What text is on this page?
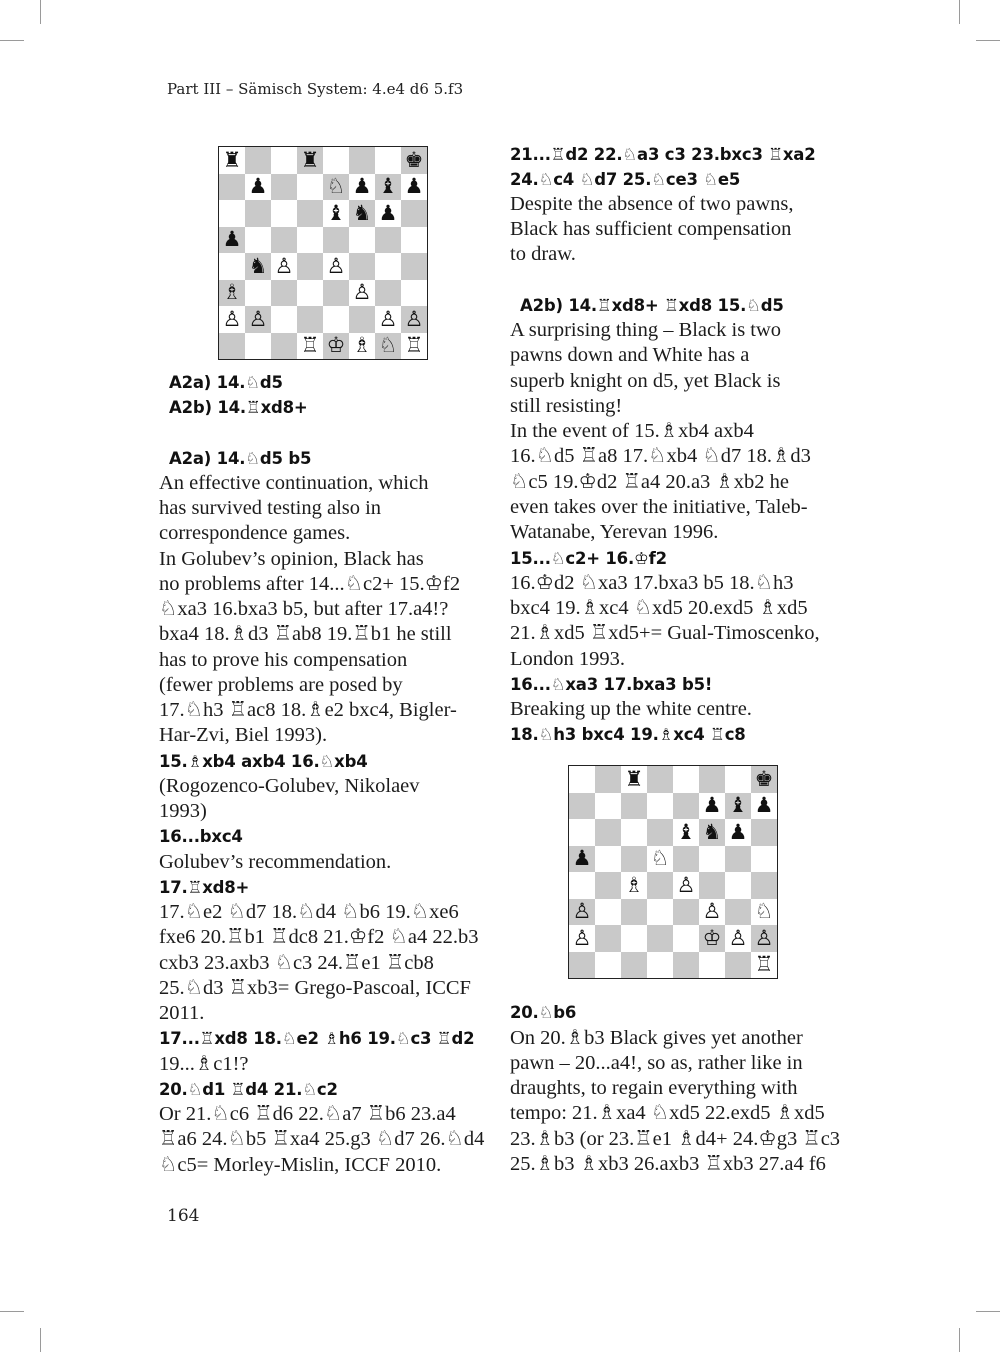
Part III – Sämisch System: 4.e4 d6 5.f3
♜	♜	♚
♟	♘ ♟ ♝ ♟
♝ ♞ ♟
♟
♞ ♙ ♙
♗	♙
♙ ♙	♙ ♙
♖ ♔ ♗ ♘ ♖
A2a) 14.♘d5
A2b) 14.♖xd8+
A2a) 14.♘d5 b5
An effective continuation, which
has survived testing also in
correspondence games.
In Golubev’s opinion, Black has
no problems after 14...♘c2+ 15.♔f2
♘xa3 16.bxa3 b5, but after 17.a4!?
bxa4 18.♗d3 ♖ab8 19.♖b1 he still
has to prove his compensation
(fewer problems are posed by
17.♘h3 ♖ac8 18.♗e2 bxc4, Bigler-
Har-Zvi, Biel 1993).
15.♗xb4 axb4 16.♘xb4
(Rogozenco-Golubev, Nikolaev
1993)
16...bxc4
Golubev’s recommendation.
17.♖xd8+
17.♘e2 ♘d7 18.♘d4 ♘b6 19.♘xe6
fxe6 20.♖b1 ♖dc8 21.♔f2 ♘a4 22.b3
cxb3 23.axb3 ♘c3 24.♖e1 ♖cb8
25.♘d3 ♖xb3= Grego-Pascoal, ICCF
2011.
17...♖xd8 18.♘e2 ♗h6 19.♘c3 ♖d2
19...♗c1!?
20.♘d1 ♖d4 21.♘c2
Or 21.♘c6 ♖d6 22.♘a7 ♖b6 23.a4
♖a6 24.♘b5 ♖xa4 25.g3 ♘d7 26.♘d4
♘c5= Morley-Mislin, ICCF 2010.
21...♖d2 22.♘a3 c3 23.bxc3 ♖xa2
24.♘c4 ♘d7 25.♘ce3 ♘e5
Despite the absence of two pawns,
Black has sufficient compensation
to draw.
A2b) 14.♖xd8+ ♖xd8 15.♘d5
A surprising thing – Black is two
pawns down and White has a
superb knight on d5, yet Black is
still resisting!
In the event of 15.♗xb4 axb4
16.♘d5 ♖a8 17.♘xb4 ♘d7 18.♗d3
♘c5 19.♔d2 ♖a4 20.a3 ♗xb2 he
even takes over the initiative, Taleb-
Watanabe, Yerevan 1996.
15...♘c2+ 16.♔f2
16.♔d2 ♘xa3 17.bxa3 b5 18.♘h3
bxc4 19.♗xc4 ♘xd5 20.exd5 ♗xd5
21.♗xd5 ♖xd5+= Gual-Timoscenko,
London 1993.
16...♘xa3 17.bxa3 b5!
Breaking up the white centre.
18.♘h3 bxc4 19.♗xc4 ♖c8
♜	♚
♟ ♝ ♟
♝ ♞ ♟
♟	♘
♗ ♙
♙	♙ ♘
♙	♔ ♙ ♙
♖
20.♘b6
On 20.♗b3 Black gives yet another
pawn – 20...a4!, so as, rather like in
draughts, to regain everything with
tempo: 21.♗xa4 ♘xd5 22.exd5 ♗xd5
23.♗b3 (or 23.♖e1 ♗d4+ 24.♔g3 ♖c3
25.♗b3 ♗xb3 26.axb3 ♖xb3 27.a4 f6
164
